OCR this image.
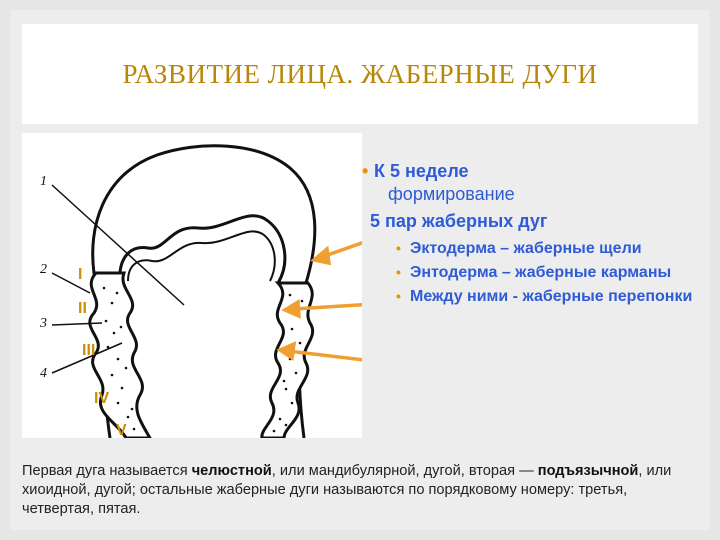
РАЗВИТИЕ ЛИЦА. ЖАБЕРНЫЕ ДУГИ
1
2
3
4
I
II
III
IV
V
• К 5 неделе
формирование
5 пар жаберных дуг
• Эктодерма – жаберные щели
• Энтодерма – жаберные карманы
• Между ними - жаберные перепонки
Первая дуга называется челюстной, или мандибулярной, дугой, вторая — подъязычной, или хиоидной, дугой; остальные жаберные дуги называются по порядковому номеру: третья, четвертая, пятая.
